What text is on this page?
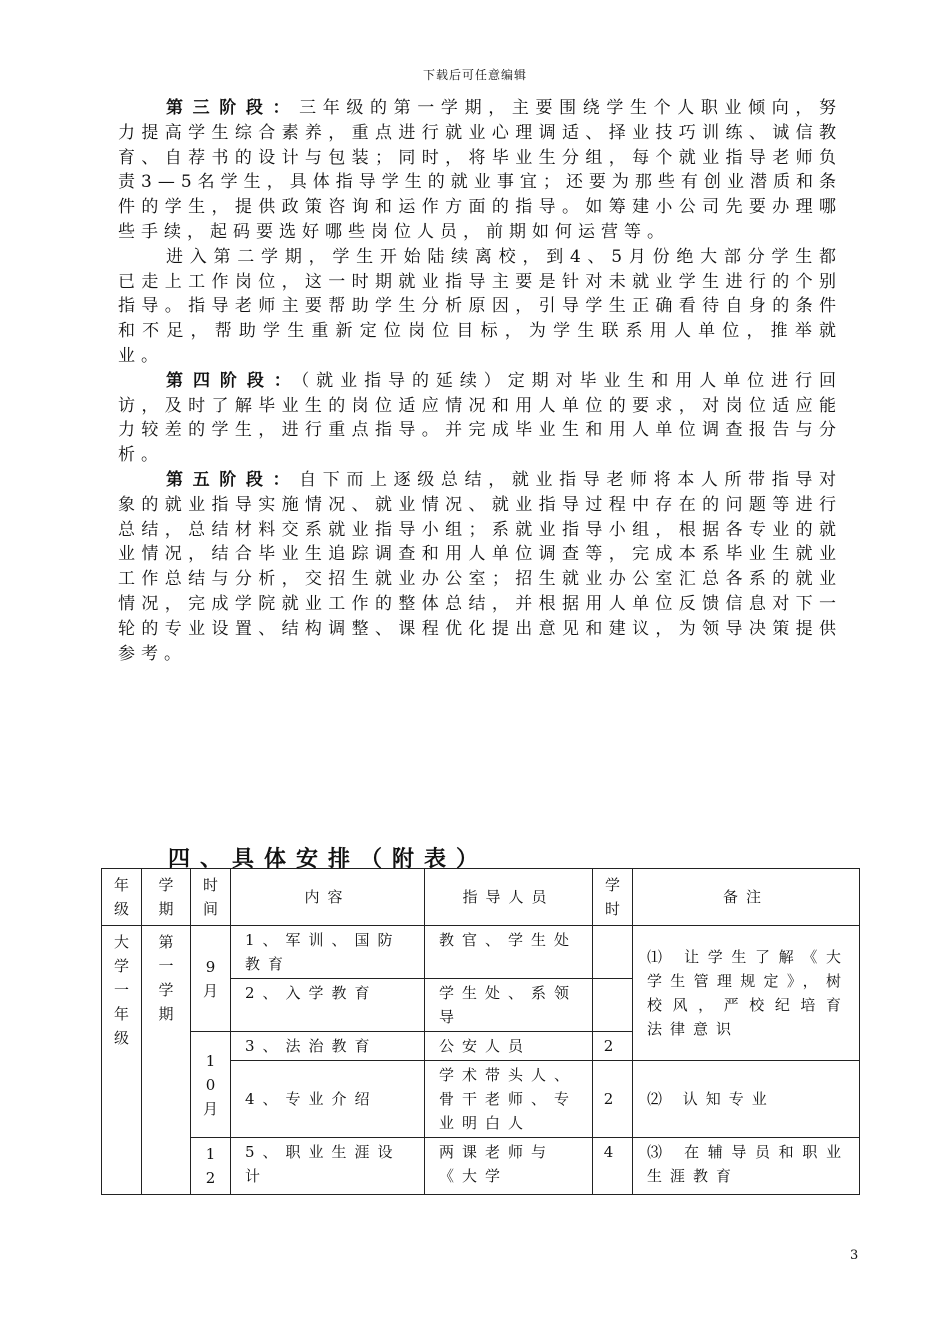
下载后可任意编辑

第三阶段：三年级的第一学期，主要围绕学生个人职业倾向，努力提高学生综合素养，重点进行就业心理调适、择业技巧训练、诚信教育、自荐书的设计与包装；同时，将毕业生分组，每个就业指导老师负责3—5名学生，具体指导学生的就业事宜；还要为那些有创业潜质和条件的学生，提供政策咨询和运作方面的指导。如筹建小公司先要办理哪些手续，起码要选好哪些岗位人员，前期如何运营等。

进入第二学期，学生开始陆续离校，到4、5月份绝大部分学生都已走上工作岗位，这一时期就业指导主要是针对未就业学生进行的个别指导。指导老师主要帮助学生分析原因，引导学生正确看待自身的条件和不足，帮助学生重新定位岗位目标，为学生联系用人单位，推举就业。

第四阶段：（就业指导的延续）定期对毕业生和用人单位进行回访，及时了解毕业生的岗位适应情况和用人单位的要求，对岗位适应能力较差的学生，进行重点指导。并完成毕业生和用人单位调查报告与分析。

第五阶段：自下而上逐级总结，就业指导老师将本人所带指导对象的就业指导实施情况、就业情况、就业指导过程中存在的问题等进行总结，总结材料交系就业指导小组；系就业指导小组，根据各专业的就业情况，结合毕业生追踪调查和用人单位调查等，完成本系毕业生就业工作总结与分析，交招生就业办公室；招生就业办公室汇总各系的就业情况，完成学院就业工作的整体总结，并根据用人单位反馈信息对下一轮的专业设置、结构调整、课程优化提出意见和建议，为领导决策提供参考。

四、具体安排（附表）
年级	学期	时间	内容	指导人员	学时	备注

大学一年级	第一学期	9月	1、军训、国防教育	教官、学生处		⑴ 让学生了解《大学生管理规定》，树校风，严校纪培育法律意识
			2、入学教育	学生处、系领导		

		10月	3、法治教育	公安人员	2	
			4、专业介绍	学术带头人、骨干老师、专业明白人	2	⑵ 认知专业

		12	5、职业生涯设计	两课老师与《大学	4	⑶ 在辅导员和职业生涯教育
3
